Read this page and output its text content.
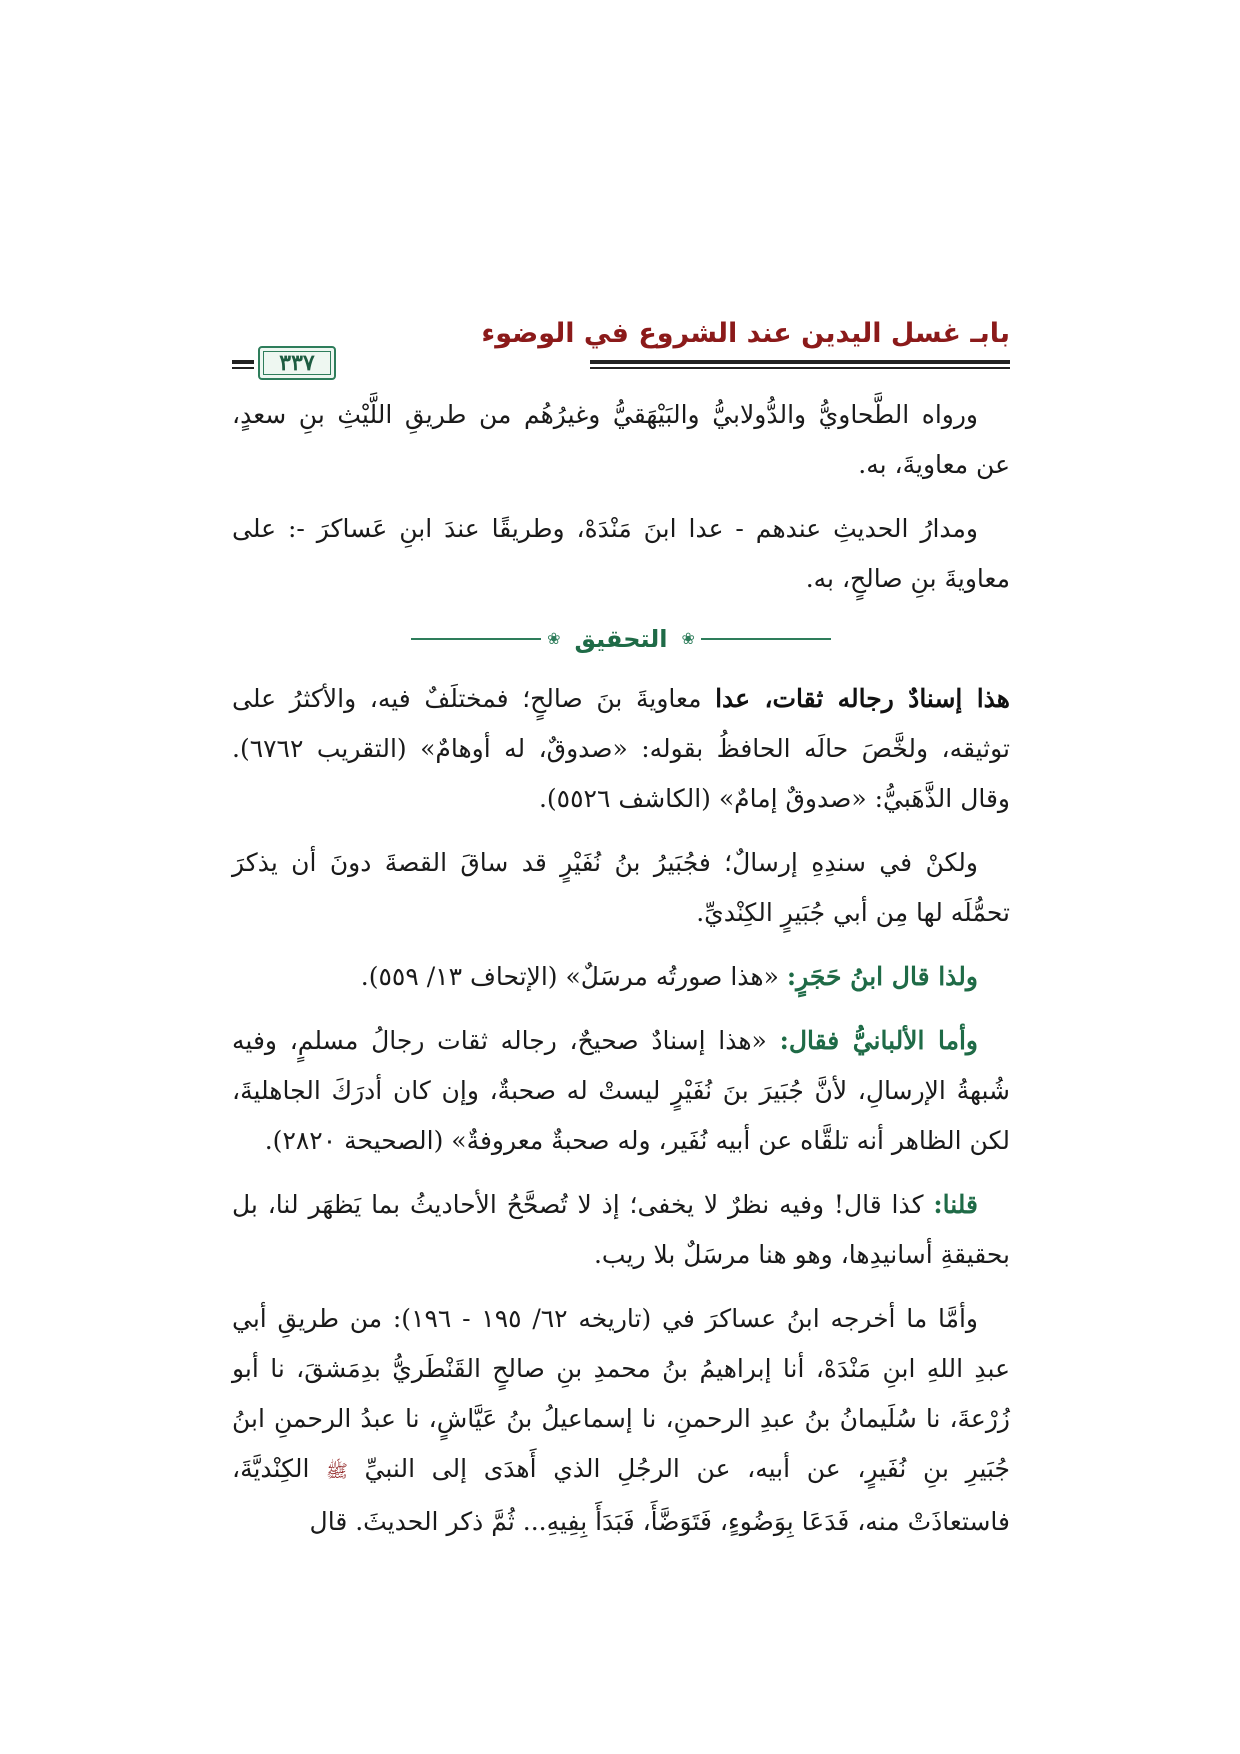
بابـ غسل اليدين عند الشروع في الوضوء
٣٣٧

ورواه الطَّحاويُّ والدُّولابيُّ والبَيْهَقيُّ وغيرُهُم من طريقِ اللَّيْثِ بنِ سعدٍ، عن معاويةَ، به.

ومدارُ الحديثِ عندهم - عدا ابنَ مَنْدَهْ، وطريقًا عندَ ابنِ عَساكرَ -: على معاويةَ بنِ صالحٍ، به.

❀
التحقيق
❀

هذا إسنادٌ رجاله ثقات، عدا معاويةَ بنَ صالحٍ؛ فمختلَفٌ فيه، والأكثرُ على توثيقه، ولخَّصَ حالَه الحافظُ بقوله: «صدوقٌ، له أوهامٌ» (التقريب ٦٧٦٢). وقال الذَّهَبيُّ: «صدوقٌ إمامٌ» (الكاشف ٥٥٢٦).

ولكنْ في سندِهِ إرسالٌ؛ فجُبَيرُ بنُ نُفَيْرٍ قد ساقَ القصةَ دونَ أن يذكرَ تحمُّلَه لها مِن أبي جُبَيرٍ الكِنْديِّ.

ولذا قال ابنُ حَجَرٍ: «هذا صورتُه مرسَلٌ» (الإتحاف ١٣/ ٥٥٩).

وأما الألبانيُّ فقال: «هذا إسنادٌ صحيحٌ، رجاله ثقات رجالُ مسلمٍ، وفيه شُبهةُ الإرسالِ، لأنَّ جُبَيرَ بنَ نُفَيْرٍ ليستْ له صحبةٌ، وإن كان أدرَكَ الجاهليةَ، لكن الظاهر أنه تلقَّاه عن أبيه نُفَير، وله صحبةٌ معروفةٌ» (الصحيحة ٢٨٢٠).

قلنا: كذا قال! وفيه نظرٌ لا يخفى؛ إذ لا تُصحَّحُ الأحاديثُ بما يَظهَر لنا، بل بحقيقةِ أسانيدِها، وهو هنا مرسَلٌ بلا ريب.

وأمَّا ما أخرجه ابنُ عساكرَ في (تاريخه ٦٢/ ١٩٥ - ١٩٦): من طريقِ أبي عبدِ اللهِ ابنِ مَنْدَهْ، أنا إبراهيمُ بنُ محمدِ بنِ صالحٍ القَنْطَريُّ بدِمَشقَ، نا أبو زُرْعةَ، نا سُلَيمانُ بنُ عبدِ الرحمنِ، نا إسماعيلُ بنُ عَيَّاشٍ، نا عبدُ الرحمنِ ابنُ جُبَيرِ بنِ نُفَيرٍ، عن أبيه، عن الرجُلِ الذي أَهدَى إلى النبيِّ ﷺ الكِنْديَّةَ، فاستعاذَتْ منه، فَدَعَا بِوَضُوءٍ، فَتَوَضَّأَ، فَبَدَأَ بِفِيهِ... ثُمَّ ذكر الحديثَ. قال
